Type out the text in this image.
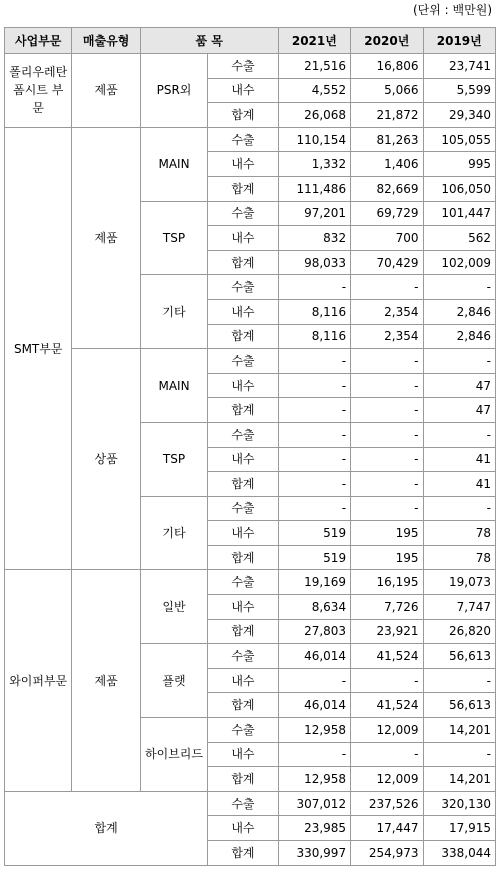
(단위 : 백만원)
사업부문	매출유형	품 목		2021년	2020년	2019년
폴리우레탄 폼시트 부문	제품	PSR외	수출	21,516	16,806	23,741
			내수	4,552	5,066	5,599
			합계	26,068	21,872	29,340
SMT부문	제품	MAIN	수출	110,154	81,263	105,055
			내수	1,332	1,406	995
			합계	111,486	82,669	106,050
		TSP	수출	97,201	69,729	101,447
			내수	832	700	562
			합계	98,033	70,429	102,009
		기타	수출	-	-	-
			내수	8,116	2,354	2,846
			합계	8,116	2,354	2,846
	상품	MAIN	수출	-	-	-
			내수	-	-	47
			합계	-	-	47
		TSP	수출	-	-	-
			내수	-	-	41
			합계	-	-	41
		기타	수출	-	-	-
			내수	519	195	78
			합계	519	195	78
와이퍼부문	제품	일반	수출	19,169	16,195	19,073
			내수	8,634	7,726	7,747
			합계	27,803	23,921	26,820
		플랫	수출	46,014	41,524	56,613
			내수	-	-	-
			합계	46,014	41,524	56,613
		하이브리드	수출	12,958	12,009	14,201
			내수	-	-	-
			합계	12,958	12,009	14,201
합계			수출	307,012	237,526	320,130
			내수	23,985	17,447	17,915
			합계	330,997	254,973	338,044
